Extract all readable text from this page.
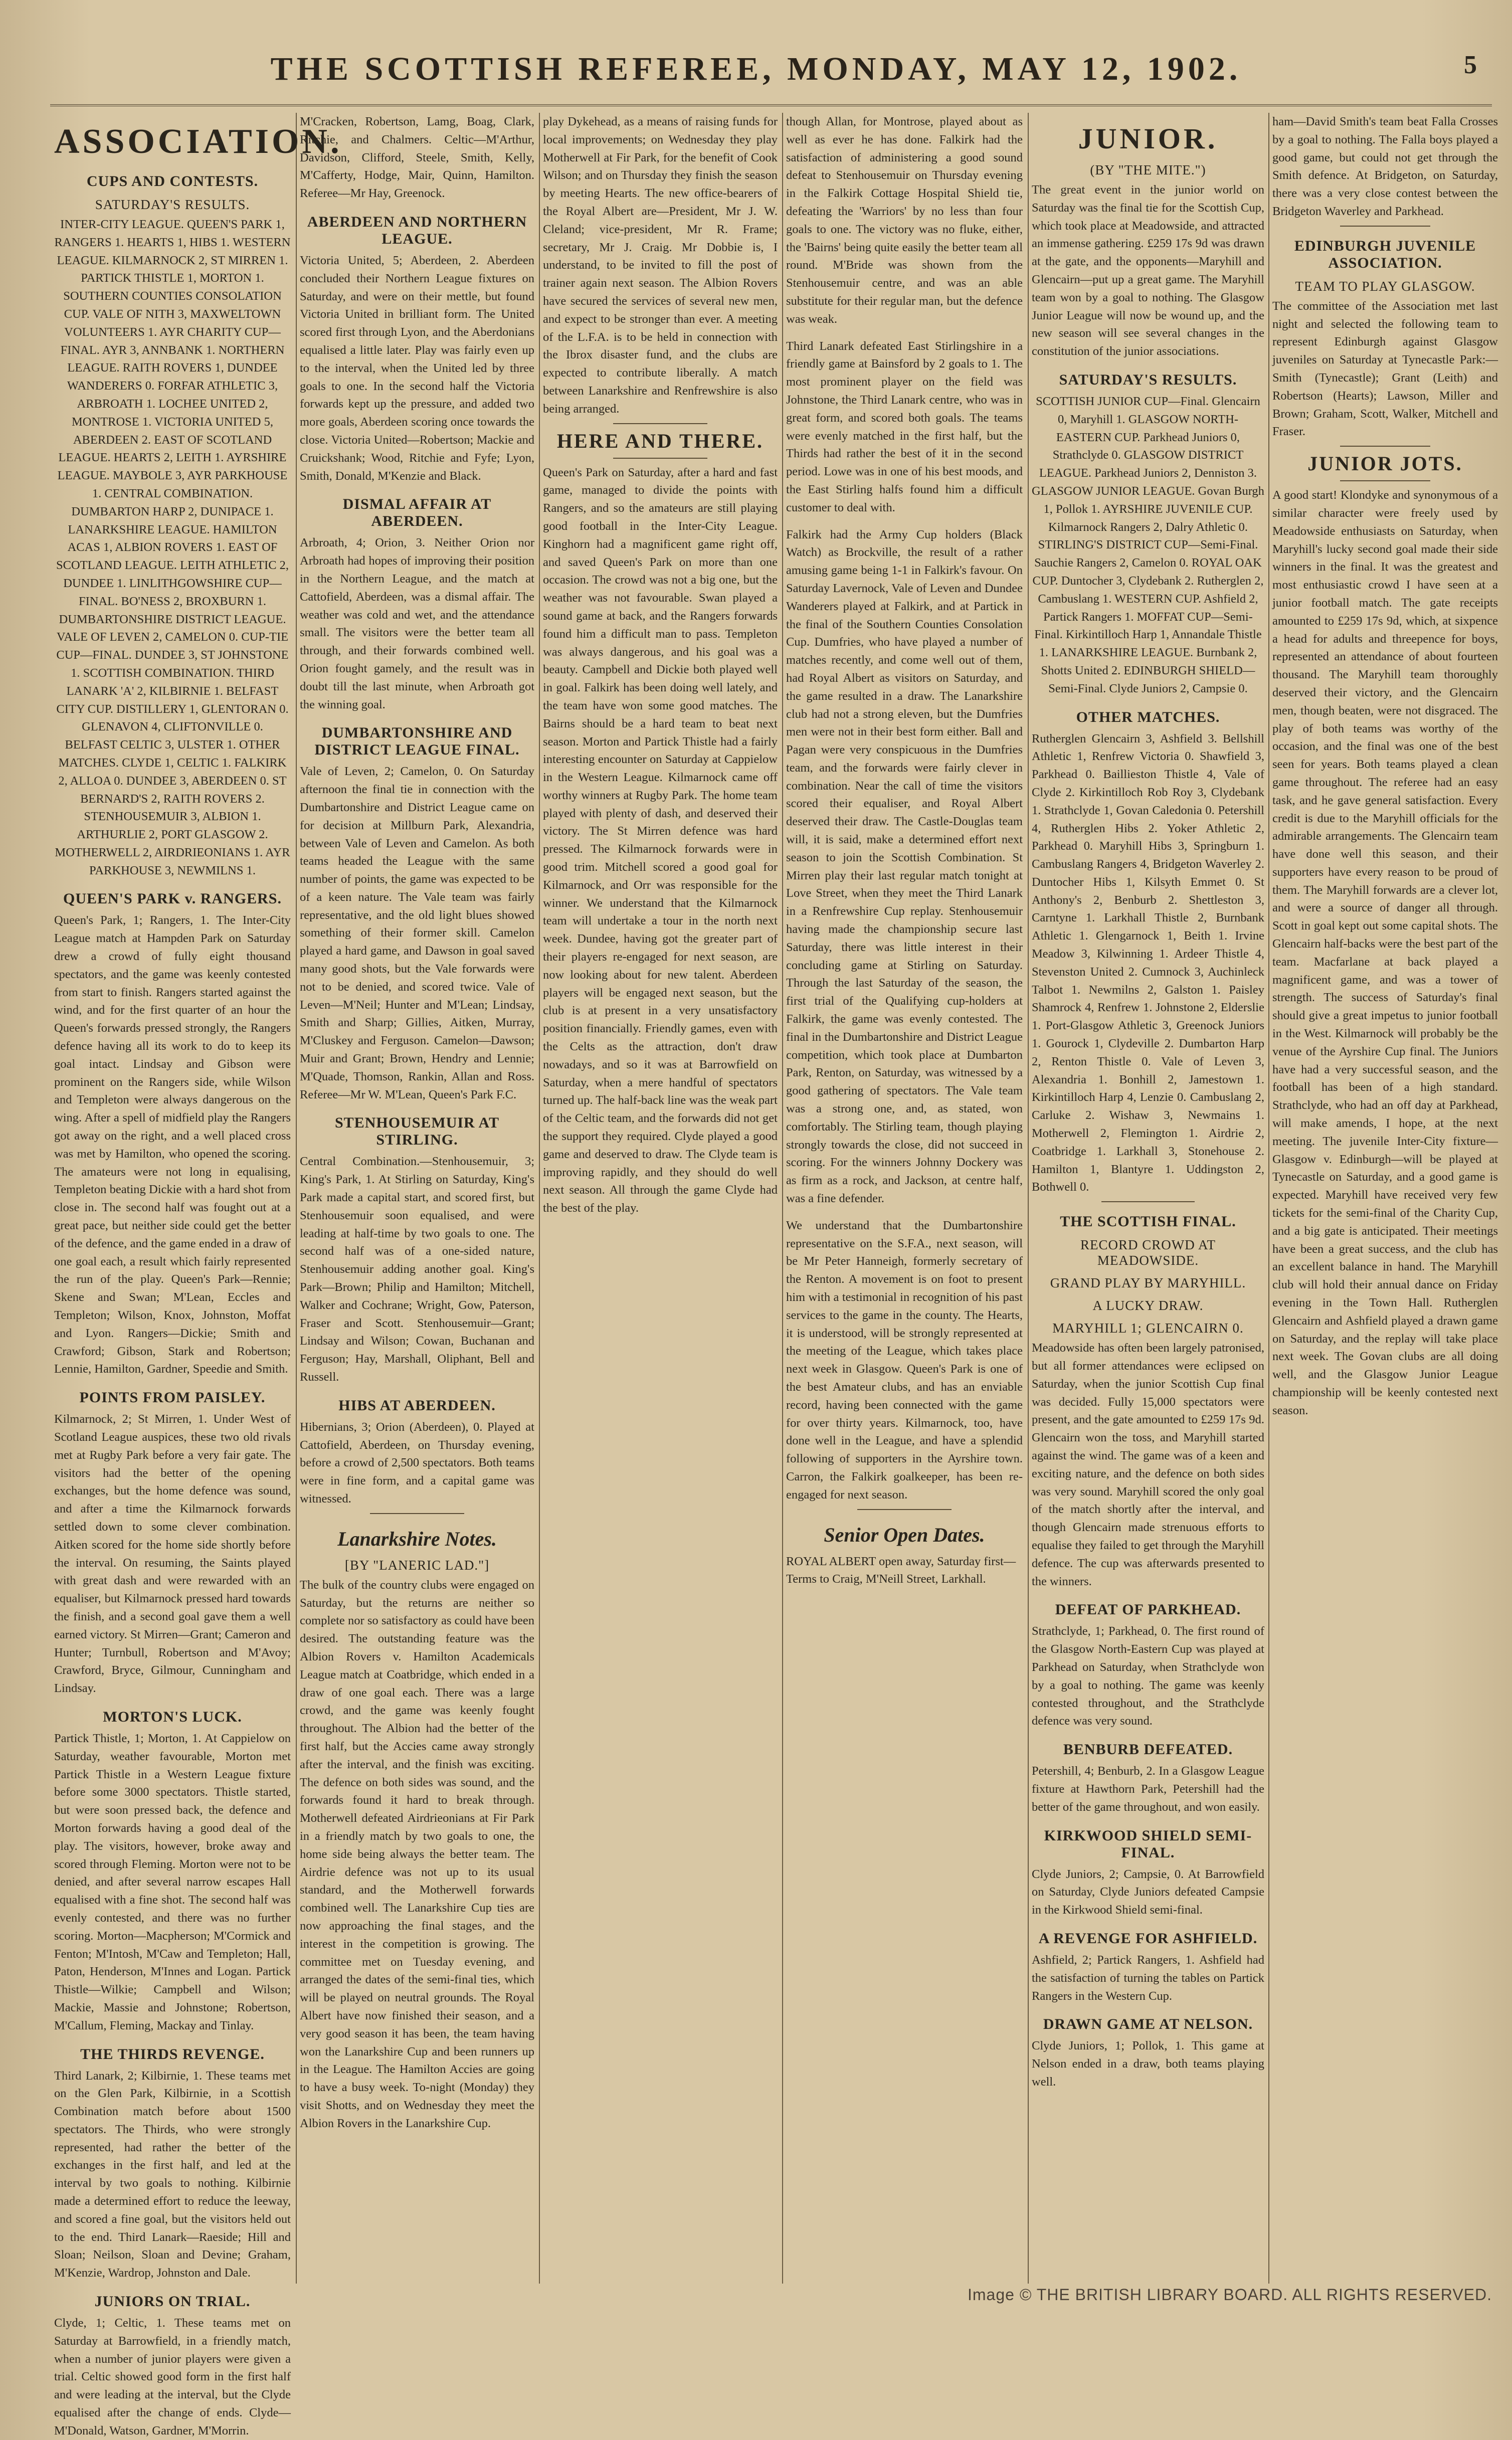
THE SCOTTISH REFEREE, MONDAY, MAY 12, 1902.	5
ASSOCIATION.
CUPS AND CONTESTS.
SATURDAY'S RESULTS.
INTER-CITY LEAGUE. QUEEN'S PARK 1, RANGERS 1. HEARTS 1, HIBS 1. WESTERN LEAGUE. KILMARNOCK 2, ST MIRREN 1. PARTICK THISTLE 1, MORTON 1. SOUTHERN COUNTIES CONSOLATION CUP. VALE OF NITH 3, MAXWELTOWN VOLUNTEERS 1. AYR CHARITY CUP—FINAL. AYR 3, ANNBANK 1. NORTHERN LEAGUE. RAITH ROVERS 1, DUNDEE WANDERERS 0. FORFAR ATHLETIC 3, ARBROATH 1. LOCHEE UNITED 2, MONTROSE 1. VICTORIA UNITED 5, ABERDEEN 2. EAST OF SCOTLAND LEAGUE. HEARTS 2, LEITH 1. AYRSHIRE LEAGUE. MAYBOLE 3, AYR PARKHOUSE 1. CENTRAL COMBINATION. DUMBARTON HARP 2, DUNIPACE 1. LANARKSHIRE LEAGUE. HAMILTON ACAS 1, ALBION ROVERS 1. EAST OF SCOTLAND LEAGUE. LEITH ATHLETIC 2, DUNDEE 1. LINLITHGOWSHIRE CUP—FINAL. BO'NESS 2, BROXBURN 1. DUMBARTONSHIRE DISTRICT LEAGUE. VALE OF LEVEN 2, CAMELON 0. CUP-TIE CUP—FINAL. DUNDEE 3, ST JOHNSTONE 1. SCOTTISH COMBINATION. THIRD LANARK 'A' 2, KILBIRNIE 1. BELFAST CITY CUP. DISTILLERY 1, GLENTORAN 0. GLENAVON 4, CLIFTONVILLE 0. BELFAST CELTIC 3, ULSTER 1. OTHER MATCHES. CLYDE 1, CELTIC 1. FALKIRK 2, ALLOA 0. DUNDEE 3, ABERDEEN 0. ST BERNARD'S 2, RAITH ROVERS 2. STENHOUSEMUIR 3, ALBION 1. ARTHURLIE 2, PORT GLASGOW 2. MOTHERWELL 2, AIRDRIEONIANS 1. AYR PARKHOUSE 3, NEWMILNS 1.
QUEEN'S PARK v. RANGERS.
Queen's Park, 1; Rangers, 1. The Inter-City League match at Hampden Park on Saturday drew a crowd of fully eight thousand spectators, and the game was keenly contested from start to finish. Rangers started against the wind, and for the first quarter of an hour the Queen's forwards pressed strongly, the Rangers defence having all its work to do to keep its goal intact. Lindsay and Gibson were prominent on the Rangers side, while Wilson and Templeton were always dangerous on the wing. After a spell of midfield play the Rangers got away on the right, and a well placed cross was met by Hamilton, who opened the scoring. The amateurs were not long in equalising, Templeton beating Dickie with a hard shot from close in. The second half was fought out at a great pace, but neither side could get the better of the defence, and the game ended in a draw of one goal each, a result which fairly represented the run of the play. Queen's Park—Rennie; Skene and Swan; M'Lean, Eccles and Templeton; Wilson, Knox, Johnston, Moffat and Lyon. Rangers—Dickie; Smith and Crawford; Gibson, Stark and Robertson; Lennie, Hamilton, Gardner, Speedie and Smith.
POINTS FROM PAISLEY.
Kilmarnock, 2; St Mirren, 1. Under West of Scotland League auspices, these two old rivals met at Rugby Park before a very fair gate. The visitors had the better of the opening exchanges, but the home defence was sound, and after a time the Kilmarnock forwards settled down to some clever combination. Aitken scored for the home side shortly before the interval. On resuming, the Saints played with great dash and were rewarded with an equaliser, but Kilmarnock pressed hard towards the finish, and a second goal gave them a well earned victory. St Mirren—Grant; Cameron and Hunter; Turnbull, Robertson and M'Avoy; Crawford, Bryce, Gilmour, Cunningham and Lindsay.
MORTON'S LUCK.
Partick Thistle, 1; Morton, 1. At Cappielow on Saturday, weather favourable, Morton met Partick Thistle in a Western League fixture before some 3000 spectators. Thistle started, but were soon pressed back, the defence and Morton forwards having a good deal of the play. The visitors, however, broke away and scored through Fleming. Morton were not to be denied, and after several narrow escapes Hall equalised with a fine shot. The second half was evenly contested, and there was no further scoring. Morton—Macpherson; M'Cormick and Fenton; M'Intosh, M'Caw and Templeton; Hall, Paton, Henderson, M'Innes and Logan. Partick Thistle—Wilkie; Campbell and Wilson; Mackie, Massie and Johnstone; Robertson, M'Callum, Fleming, Mackay and Tinlay.
THE THIRDS REVENGE.
Third Lanark, 2; Kilbirnie, 1. These teams met on the Glen Park, Kilbirnie, in a Scottish Combination match before about 1500 spectators. The Thirds, who were strongly represented, had rather the better of the exchanges in the first half, and led at the interval by two goals to nothing. Kilbirnie made a determined effort to reduce the leeway, and scored a fine goal, but the visitors held out to the end. Third Lanark—Raeside; Hill and Sloan; Neilson, Sloan and Devine; Graham, M'Kenzie, Wardrop, Johnston and Dale.
JUNIORS ON TRIAL.
Clyde, 1; Celtic, 1. These teams met on Saturday at Barrowfield, in a friendly match, when a number of junior players were given a trial. Celtic showed good form in the first half and were leading at the interval, but the Clyde equalised after the change of ends. Clyde—M'Donald, Watson, Gardner, M'Morrin.
M'Cracken, Robertson, Lamg, Boag, Clark, Ritchie, and Chalmers. Celtic—M'Arthur, Davidson, Clifford, Steele, Smith, Kelly, M'Cafferty, Hodge, Mair, Quinn, Hamilton. Referee—Mr Hay, Greenock.
ABERDEEN AND NORTHERN LEAGUE.
Victoria United, 5; Aberdeen, 2. Aberdeen concluded their Northern League fixtures on Saturday, and were on their mettle, but found Victoria United in brilliant form. The United scored first through Lyon, and the Aberdonians equalised a little later. Play was fairly even up to the interval, when the United led by three goals to one. In the second half the Victoria forwards kept up the pressure, and added two more goals, Aberdeen scoring once towards the close. Victoria United—Robertson; Mackie and Cruickshank; Wood, Ritchie and Fyfe; Lyon, Smith, Donald, M'Kenzie and Black.
DISMAL AFFAIR AT ABERDEEN.
Arbroath, 4; Orion, 3. Neither Orion nor Arbroath had hopes of improving their position in the Northern League, and the match at Cattofield, Aberdeen, was a dismal affair. The weather was cold and wet, and the attendance small. The visitors were the better team all through, and their forwards combined well. Orion fought gamely, and the result was in doubt till the last minute, when Arbroath got the winning goal.
DUMBARTONSHIRE AND DISTRICT LEAGUE FINAL.
Vale of Leven, 2; Camelon, 0. On Saturday afternoon the final tie in connection with the Dumbartonshire and District League came on for decision at Millburn Park, Alexandria, between Vale of Leven and Camelon. As both teams headed the League with the same number of points, the game was expected to be of a keen nature. The Vale team was fairly representative, and the old light blues showed something of their former skill. Camelon played a hard game, and Dawson in goal saved many good shots, but the Vale forwards were not to be denied, and scored twice. Vale of Leven—M'Neil; Hunter and M'Lean; Lindsay, Smith and Sharp; Gillies, Aitken, Murray, M'Cluskey and Ferguson. Camelon—Dawson; Muir and Grant; Brown, Hendry and Lennie; M'Quade, Thomson, Rankin, Allan and Ross. Referee—Mr W. M'Lean, Queen's Park F.C.
STENHOUSEMUIR AT STIRLING.
Central Combination.—Stenhousemuir, 3; King's Park, 1. At Stirling on Saturday, King's Park made a capital start, and scored first, but Stenhousemuir soon equalised, and were leading at half-time by two goals to one. The second half was of a one-sided nature, Stenhousemuir adding another goal. King's Park—Brown; Philip and Hamilton; Mitchell, Walker and Cochrane; Wright, Gow, Paterson, Fraser and Scott. Stenhousemuir—Grant; Lindsay and Wilson; Cowan, Buchanan and Ferguson; Hay, Marshall, Oliphant, Bell and Russell.
HIBS AT ABERDEEN.
Hibernians, 3; Orion (Aberdeen), 0. Played at Cattofield, Aberdeen, on Thursday evening, before a crowd of 2,500 spectators. Both teams were in fine form, and a capital game was witnessed.
Lanarkshire Notes.
[BY "LANERIC LAD."]
The bulk of the country clubs were engaged on Saturday, but the returns are neither so complete nor so satisfactory as could have been desired. The outstanding feature was the Albion Rovers v. Hamilton Academicals League match at Coatbridge, which ended in a draw of one goal each. There was a large crowd, and the game was keenly fought throughout. The Albion had the better of the first half, but the Accies came away strongly after the interval, and the finish was exciting. The defence on both sides was sound, and the forwards found it hard to break through. Motherwell defeated Airdrieonians at Fir Park in a friendly match by two goals to one, the home side being always the better team. The Airdrie defence was not up to its usual standard, and the Motherwell forwards combined well. The Lanarkshire Cup ties are now approaching the final stages, and the interest in the competition is growing. The committee met on Tuesday evening, and arranged the dates of the semi-final ties, which will be played on neutral grounds. The Royal Albert have now finished their season, and a very good season it has been, the team having won the Lanarkshire Cup and been runners up in the League. The Hamilton Accies are going to have a busy week. To-night (Monday) they visit Shotts, and on Wednesday they meet the Albion Rovers in the Lanarkshire Cup.
play Dykehead, as a means of raising funds for local improvements; on Wednesday they play Motherwell at Fir Park, for the benefit of Cook Wilson; and on Thursday they finish the season by meeting Hearts. The new office-bearers of the Royal Albert are—President, Mr J. W. Cleland; vice-president, Mr R. Frame; secretary, Mr J. Craig. Mr Dobbie is, I understand, to be invited to fill the post of trainer again next season. The Albion Rovers have secured the services of several new men, and expect to be stronger than ever. A meeting of the L.F.A. is to be held in connection with the Ibrox disaster fund, and the clubs are expected to contribute liberally. A match between Lanarkshire and Renfrewshire is also being arranged.
HERE AND THERE.
Queen's Park on Saturday, after a hard and fast game, managed to divide the points with Rangers, and so the amateurs are still playing good football in the Inter-City League. Kinghorn had a magnificent game right off, and saved Queen's Park on more than one occasion. The crowd was not a big one, but the weather was not favourable. Swan played a sound game at back, and the Rangers forwards found him a difficult man to pass. Templeton was always dangerous, and his goal was a beauty. Campbell and Dickie both played well in goal. Falkirk has been doing well lately, and the team have won some good matches. The Bairns should be a hard team to beat next season. Morton and Partick Thistle had a fairly interesting encounter on Saturday at Cappielow in the Western League. Kilmarnock came off worthy winners at Rugby Park. The home team played with plenty of dash, and deserved their victory. The St Mirren defence was hard pressed. The Kilmarnock forwards were in good trim. Mitchell scored a good goal for Kilmarnock, and Orr was responsible for the winner. We understand that the Kilmarnock team will undertake a tour in the north next week. Dundee, having got the greater part of their players re-engaged for next season, are now looking about for new talent. Aberdeen players will be engaged next season, but the club is at present in a very unsatisfactory position financially. Friendly games, even with the Celts as the attraction, don't draw nowadays, and so it was at Barrowfield on Saturday, when a mere handful of spectators turned up. The half-back line was the weak part of the Celtic team, and the forwards did not get the support they required. Clyde played a good game and deserved to draw. The Clyde team is improving rapidly, and they should do well next season. All through the game Clyde had the best of the play.
though Allan, for Montrose, played about as well as ever he has done. Falkirk had the satisfaction of administering a good sound defeat to Stenhousemuir on Thursday evening in the Falkirk Cottage Hospital Shield tie, defeating the 'Warriors' by no less than four goals to one. The victory was no fluke, either, the 'Bairns' being quite easily the better team all round. M'Bride was shown from the Stenhousemuir centre, and was an able substitute for their regular man, but the defence was weak.
Third Lanark defeated East Stirlingshire in a friendly game at Bainsford by 2 goals to 1. The most prominent player on the field was Johnstone, the Third Lanark centre, who was in great form, and scored both goals. The teams were evenly matched in the first half, but the Thirds had rather the best of it in the second period. Lowe was in one of his best moods, and the East Stirling halfs found him a difficult customer to deal with.
Falkirk had the Army Cup holders (Black Watch) as Brockville, the result of a rather amusing game being 1-1 in Falkirk's favour. On Saturday Lavernock, Vale of Leven and Dundee Wanderers played at Falkirk, and at Partick in the final of the Southern Counties Consolation Cup. Dumfries, who have played a number of matches recently, and come well out of them, had Royal Albert as visitors on Saturday, and the game resulted in a draw. The Lanarkshire club had not a strong eleven, but the Dumfries men were not in their best form either. Ball and Pagan were very conspicuous in the Dumfries team, and the forwards were fairly clever in combination. Near the call of time the visitors scored their equaliser, and Royal Albert deserved their draw. The Castle-Douglas team will, it is said, make a determined effort next season to join the Scottish Combination. St Mirren play their last regular match tonight at Love Street, when they meet the Third Lanark in a Renfrewshire Cup replay. Stenhousemuir having made the championship secure last Saturday, there was little interest in their concluding game at Stirling on Saturday. Through the last Saturday of the season, the first trial of the Qualifying cup-holders at Falkirk, the game was evenly contested. The final in the Dumbartonshire and District League competition, which took place at Dumbarton Park, Renton, on Saturday, was witnessed by a good gathering of spectators. The Vale team was a strong one, and, as stated, won comfortably. The Stirling team, though playing strongly towards the close, did not succeed in scoring. For the winners Johnny Dockery was as firm as a rock, and Jackson, at centre half, was a fine defender.
We understand that the Dumbartonshire representative on the S.F.A., next season, will be Mr Peter Hanneigh, formerly secretary of the Renton. A movement is on foot to present him with a testimonial in recognition of his past services to the game in the county. The Hearts, it is understood, will be strongly represented at the meeting of the League, which takes place next week in Glasgow. Queen's Park is one of the best Amateur clubs, and has an enviable record, having been connected with the game for over thirty years. Kilmarnock, too, have done well in the League, and have a splendid following of supporters in the Ayrshire town. Carron, the Falkirk goalkeeper, has been re-engaged for next season.
Senior Open Dates.
ROYAL ALBERT open away, Saturday first—Terms to Craig, M'Neill Street, Larkhall.
JUNIOR.
(BY "THE MITE.")
The great event in the junior world on Saturday was the final tie for the Scottish Cup, which took place at Meadowside, and attracted an immense gathering. £259 17s 9d was drawn at the gate, and the opponents—Maryhill and Glencairn—put up a great game. The Maryhill team won by a goal to nothing. The Glasgow Junior League will now be wound up, and the new season will see several changes in the constitution of the junior associations.
SATURDAY'S RESULTS.
SCOTTISH JUNIOR CUP—Final. Glencairn 0, Maryhill 1. GLASGOW NORTH-EASTERN CUP. Parkhead Juniors 0, Strathclyde 0. GLASGOW DISTRICT LEAGUE. Parkhead Juniors 2, Denniston 3. GLASGOW JUNIOR LEAGUE. Govan Burgh 1, Pollok 1. AYRSHIRE JUVENILE CUP. Kilmarnock Rangers 2, Dalry Athletic 0. STIRLING'S DISTRICT CUP—Semi-Final. Sauchie Rangers 2, Camelon 0. ROYAL OAK CUP. Duntocher 3, Clydebank 2. Rutherglen 2, Cambuslang 1. WESTERN CUP. Ashfield 2, Partick Rangers 1. MOFFAT CUP—Semi-Final. Kirkintilloch Harp 1, Annandale Thistle 1. LANARKSHIRE LEAGUE. Burnbank 2, Shotts United 2. EDINBURGH SHIELD—Semi-Final. Clyde Juniors 2, Campsie 0.
OTHER MATCHES.
Rutherglen Glencairn 3, Ashfield 3. Bellshill Athletic 1, Renfrew Victoria 0. Shawfield 3, Parkhead 0. Baillieston Thistle 4, Vale of Clyde 2. Kirkintilloch Rob Roy 3, Clydebank 1. Strathclyde 1, Govan Caledonia 0. Petershill 4, Rutherglen Hibs 2. Yoker Athletic 2, Parkhead 0. Maryhill Hibs 3, Springburn 1. Cambuslang Rangers 4, Bridgeton Waverley 2. Duntocher Hibs 1, Kilsyth Emmet 0. St Anthony's 2, Benburb 2. Shettleston 3, Carntyne 1. Larkhall Thistle 2, Burnbank Athletic 1. Glengarnock 1, Beith 1. Irvine Meadow 3, Kilwinning 1. Ardeer Thistle 4, Stevenston United 2. Cumnock 3, Auchinleck Talbot 1. Newmilns 2, Galston 1. Paisley Shamrock 4, Renfrew 1. Johnstone 2, Elderslie 1. Port-Glasgow Athletic 3, Greenock Juniors 1. Gourock 1, Clydeville 2. Dumbarton Harp 2, Renton Thistle 0. Vale of Leven 3, Alexandria 1. Bonhill 2, Jamestown 1. Kirkintilloch Harp 4, Lenzie 0. Cambuslang 2, Carluke 2. Wishaw 3, Newmains 1. Motherwell 2, Flemington 1. Airdrie 2, Coatbridge 1. Larkhall 3, Stonehouse 2. Hamilton 1, Blantyre 1. Uddingston 2, Bothwell 0.
THE SCOTTISH FINAL.
RECORD CROWD AT MEADOWSIDE.
GRAND PLAY BY MARYHILL.
A LUCKY DRAW.
MARYHILL 1; GLENCAIRN 0.
Meadowside has often been largely patronised, but all former attendances were eclipsed on Saturday, when the junior Scottish Cup final was decided. Fully 15,000 spectators were present, and the gate amounted to £259 17s 9d. Glencairn won the toss, and Maryhill started against the wind. The game was of a keen and exciting nature, and the defence on both sides was very sound. Maryhill scored the only goal of the match shortly after the interval, and though Glencairn made strenuous efforts to equalise they failed to get through the Maryhill defence. The cup was afterwards presented to the winners.
DEFEAT OF PARKHEAD.
Strathclyde, 1; Parkhead, 0. The first round of the Glasgow North-Eastern Cup was played at Parkhead on Saturday, when Strathclyde won by a goal to nothing. The game was keenly contested throughout, and the Strathclyde defence was very sound.
BENBURB DEFEATED.
Petershill, 4; Benburb, 2. In a Glasgow League fixture at Hawthorn Park, Petershill had the better of the game throughout, and won easily.
KIRKWOOD SHIELD SEMI-FINAL.
Clyde Juniors, 2; Campsie, 0. At Barrowfield on Saturday, Clyde Juniors defeated Campsie in the Kirkwood Shield semi-final.
A REVENGE FOR ASHFIELD.
Ashfield, 2; Partick Rangers, 1. Ashfield had the satisfaction of turning the tables on Partick Rangers in the Western Cup.
DRAWN GAME AT NELSON.
Clyde Juniors, 1; Pollok, 1. This game at Nelson ended in a draw, both teams playing well.
ham—David Smith's team beat Falla Crosses by a goal to nothing. The Falla boys played a good game, but could not get through the Smith defence. At Bridgeton, on Saturday, there was a very close contest between the Bridgeton Waverley and Parkhead.
EDINBURGH JUVENILE ASSOCIATION.
TEAM TO PLAY GLASGOW.
The committee of the Association met last night and selected the following team to represent Edinburgh against Glasgow juveniles on Saturday at Tynecastle Park:—Smith (Tynecastle); Grant (Leith) and Robertson (Hearts); Lawson, Miller and Brown; Graham, Scott, Walker, Mitchell and Fraser.
JUNIOR JOTS.
A good start! Klondyke and synonymous of a similar character were freely used by Meadowside enthusiasts on Saturday, when Maryhill's lucky second goal made their side winners in the final. It was the greatest and most enthusiastic crowd I have seen at a junior football match. The gate receipts amounted to £259 17s 9d, which, at sixpence a head for adults and threepence for boys, represented an attendance of about fourteen thousand. The Maryhill team thoroughly deserved their victory, and the Glencairn men, though beaten, were not disgraced. The play of both teams was worthy of the occasion, and the final was one of the best seen for years. Both teams played a clean game throughout. The referee had an easy task, and he gave general satisfaction. Every credit is due to the Maryhill officials for the admirable arrangements. The Glencairn team have done well this season, and their supporters have every reason to be proud of them. The Maryhill forwards are a clever lot, and were a source of danger all through. Scott in goal kept out some capital shots. The Glencairn half-backs were the best part of the team. Macfarlane at back played a magnificent game, and was a tower of strength. The success of Saturday's final should give a great impetus to junior football in the West. Kilmarnock will probably be the venue of the Ayrshire Cup final. The Juniors have had a very successful season, and the football has been of a high standard. Strathclyde, who had an off day at Parkhead, will make amends, I hope, at the next meeting. The juvenile Inter-City fixture—Glasgow v. Edinburgh—will be played at Tynecastle on Saturday, and a good game is expected. Maryhill have received very few tickets for the semi-final of the Charity Cup, and a big gate is anticipated. Their meetings have been a great success, and the club has an excellent balance in hand. The Maryhill club will hold their annual dance on Friday evening in the Town Hall. Rutherglen Glencairn and Ashfield played a drawn game on Saturday, and the replay will take place next week. The Govan clubs are all doing well, and the Glasgow Junior League championship will be keenly contested next season.
Image © THE BRITISH LIBRARY BOARD. ALL RIGHTS RESERVED.
